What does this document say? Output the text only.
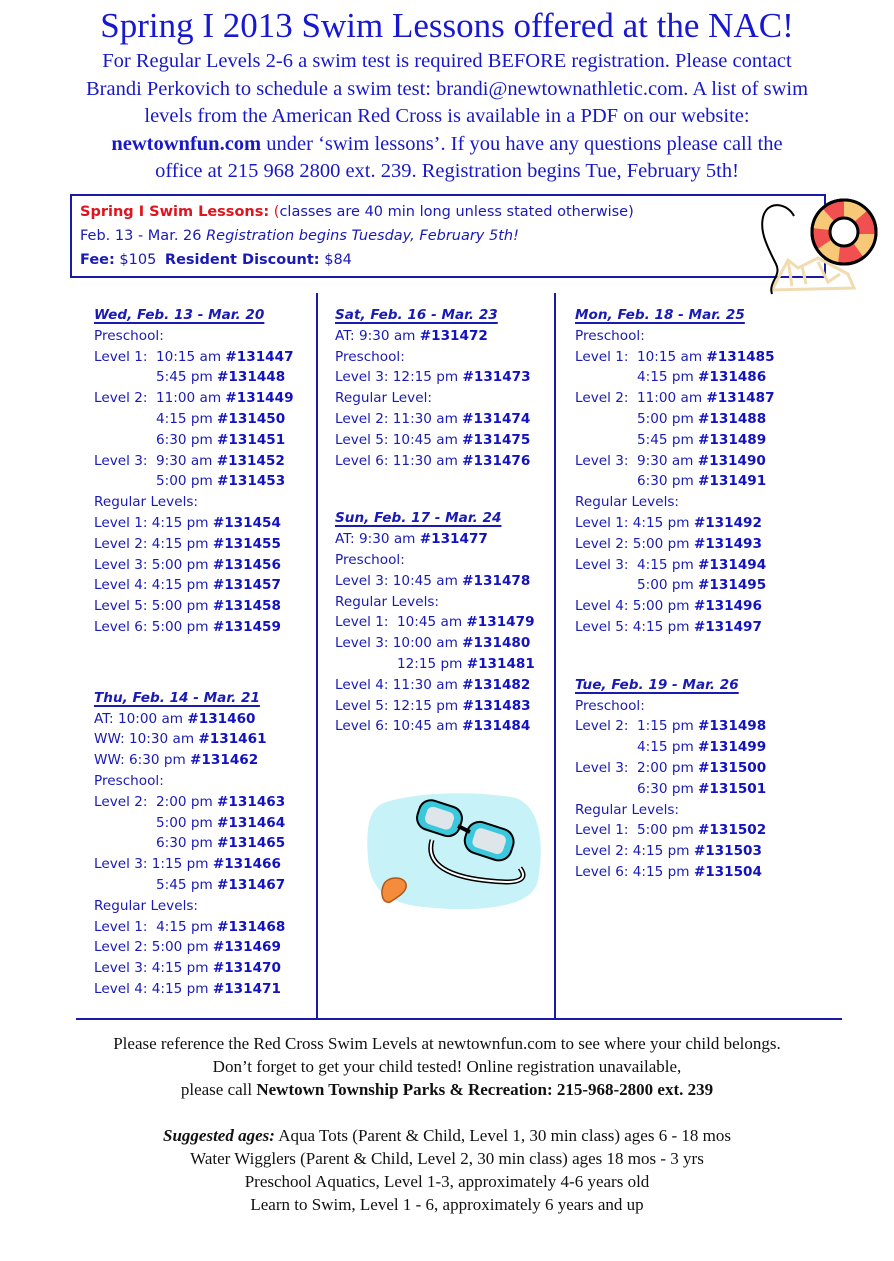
Spring I 2013 Swim Lessons offered at the NAC!
For Regular Levels 2-6 a swim test is required BEFORE registration. Please contact
Brandi Perkovich to schedule a swim test: brandi@newtownathletic.com. A list of swim
levels from the American Red Cross is available in a PDF on our website:
newtownfun.com under ‘swim lessons’. If you have any questions please call the
office at 215 968 2800 ext. 239. Registration begins Tue, February 5th!
Spring I Swim Lessons: (classes are 40 min long unless stated otherwise)
Feb. 13 - Mar. 26 Registration begins Tuesday, February 5th!
Fee: $105 Resident Discount: $84
Wed, Feb. 13 - Mar. 20
Preschool:
Level 1: 10:15 am #131447
5:45 pm #131448
Level 2: 11:00 am #131449
4:15 pm #131450
6:30 pm #131451
Level 3: 9:30 am #131452
5:00 pm #131453
Regular Levels:
Level 1: 4:15 pm #131454
Level 2: 4:15 pm #131455
Level 3: 5:00 pm #131456
Level 4: 4:15 pm #131457
Level 5: 5:00 pm #131458
Level 6: 5:00 pm #131459
Thu, Feb. 14 - Mar. 21
AT: 10:00 am #131460
WW: 10:30 am #131461
WW: 6:30 pm #131462
Preschool:
Level 2: 2:00 pm #131463
5:00 pm #131464
6:30 pm #131465
Level 3: 1:15 pm #131466
5:45 pm #131467
Regular Levels:
Level 1: 4:15 pm #131468
Level 2: 5:00 pm #131469
Level 3: 4:15 pm #131470
Level 4: 4:15 pm #131471
Sat, Feb. 16 - Mar. 23
AT: 9:30 am #131472
Preschool:
Level 3: 12:15 pm #131473
Regular Level:
Level 2: 11:30 am #131474
Level 5: 10:45 am #131475
Level 6: 11:30 am #131476
Sun, Feb. 17 - Mar. 24
AT: 9:30 am #131477
Preschool:
Level 3: 10:45 am #131478
Regular Levels:
Level 1: 10:45 am #131479
Level 3: 10:00 am #131480
12:15 pm #131481
Level 4: 11:30 am #131482
Level 5: 12:15 pm #131483
Level 6: 10:45 am #131484
Mon, Feb. 18 - Mar. 25
Preschool:
Level 1: 10:15 am #131485
4:15 pm #131486
Level 2: 11:00 am #131487
5:00 pm #131488
5:45 pm #131489
Level 3: 9:30 am #131490
6:30 pm #131491
Regular Levels:
Level 1: 4:15 pm #131492
Level 2: 5:00 pm #131493
Level 3: 4:15 pm #131494
5:00 pm #131495
Level 4: 5:00 pm #131496
Level 5: 4:15 pm #131497
Tue, Feb. 19 - Mar. 26
Preschool:
Level 2: 1:15 pm #131498
4:15 pm #131499
Level 3: 2:00 pm #131500
6:30 pm #131501
Regular Levels:
Level 1: 5:00 pm #131502
Level 2: 4:15 pm #131503
Level 6: 4:15 pm #131504
Please reference the Red Cross Swim Levels at newtownfun.com to see where your child belongs.
Don’t forget to get your child tested! Online registration unavailable,
please call Newtown Township Parks & Recreation: 215-968-2800 ext. 239
Suggested ages: Aqua Tots (Parent & Child, Level 1, 30 min class) ages 6 - 18 mos
Water Wigglers (Parent & Child, Level 2, 30 min class) ages 18 mos - 3 yrs
Preschool Aquatics, Level 1-3, approximately 4-6 years old
Learn to Swim, Level 1 - 6, approximately 6 years and up
